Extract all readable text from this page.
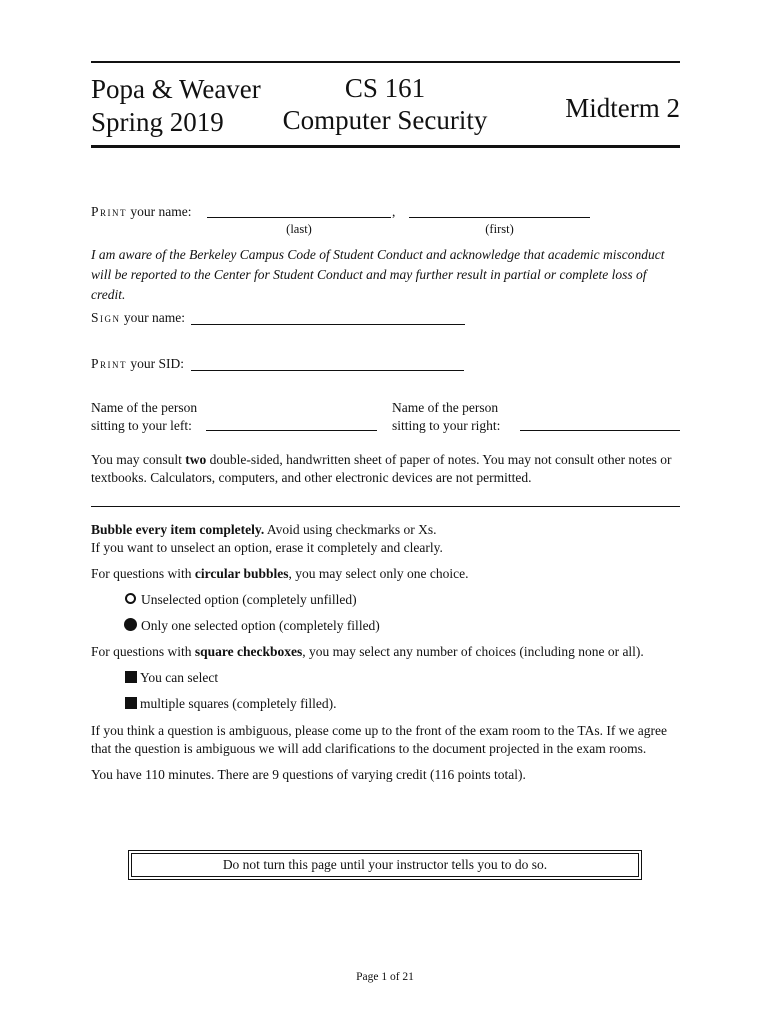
Popa & Weaver
Spring 2019
CS 161
Computer Security	Midterm 2
Print your name:	,
(last)	(first)
I am aware of the Berkeley Campus Code of Student Conduct and acknowledge that academic misconduct will be reported to the Center for Student Conduct and may further result in partial or complete loss of credit.
Sign your name:
Print your SID:
Name of the person
sitting to your left:
Name of the person
sitting to your right:
You may consult two double-sided, handwritten sheet of paper of notes. You may not consult other notes or textbooks. Calculators, computers, and other electronic devices are not permitted.
Bubble every item completely. Avoid using checkmarks or Xs.
If you want to unselect an option, erase it completely and clearly.
For questions with circular bubbles, you may select only one choice.
Unselected option (completely unfilled)
Only one selected option (completely filled)
For questions with square checkboxes, you may select any number of choices (including none or all).
You can select
multiple squares (completely filled).
If you think a question is ambiguous, please come up to the front of the exam room to the TAs. If we agree that the question is ambiguous we will add clarifications to the document projected in the exam rooms.
You have 110 minutes. There are 9 questions of varying credit (116 points total).
Do not turn this page until your instructor tells you to do so.
Page 1 of 21
